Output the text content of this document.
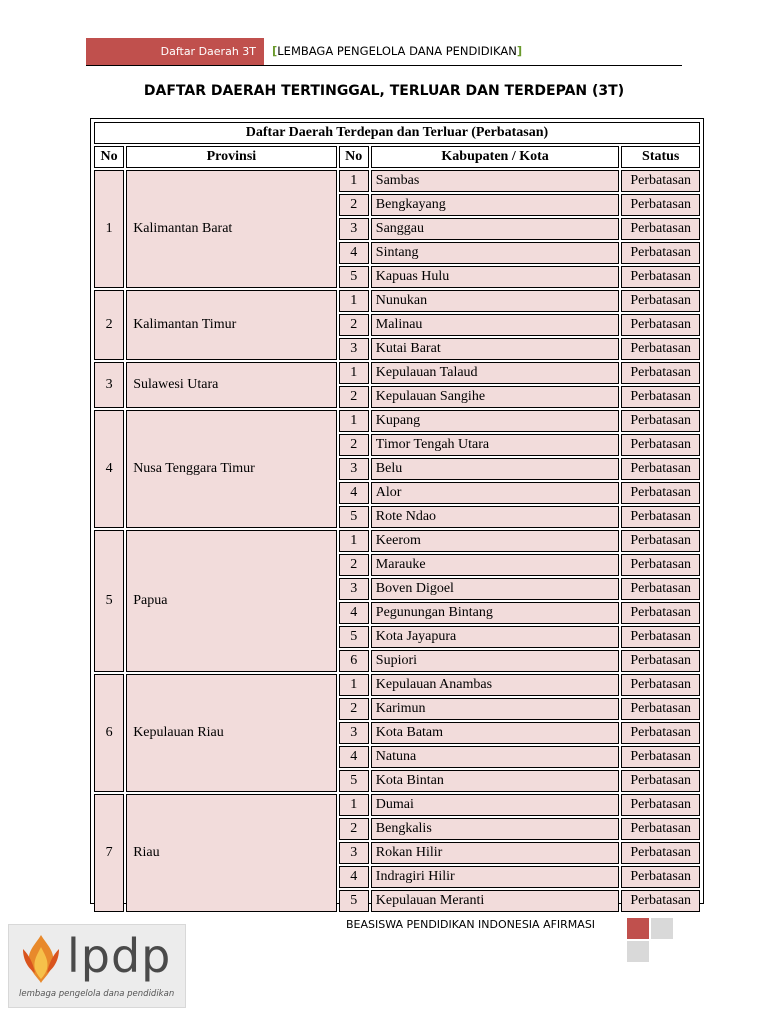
Daftar Daerah 3T [LEMBAGA PENGELOLA DANA PENDIDIKAN]
DAFTAR DAERAH TERTINGGAL, TERLUAR DAN TERDEPAN (3T)
Daftar Daerah Terdepan dan Terluar (Perbatasan)				
No	Provinsi	No	Kabupaten / Kota	Status
1	Kalimantan Barat	1	Sambas	Perbatasan
		2	Bengkayang	Perbatasan
		3	Sanggau	Perbatasan
		4	Sintang	Perbatasan
		5	Kapuas Hulu	Perbatasan
2	Kalimantan Timur	1	Nunukan	Perbatasan
		2	Malinau	Perbatasan
		3	Kutai Barat	Perbatasan
3	Sulawesi Utara	1	Kepulauan Talaud	Perbatasan
		2	Kepulauan Sangihe	Perbatasan
4	Nusa Tenggara Timur	1	Kupang	Perbatasan
		2	Timor Tengah Utara	Perbatasan
		3	Belu	Perbatasan
		4	Alor	Perbatasan
		5	Rote Ndao	Perbatasan
5	Papua	1	Keerom	Perbatasan
		2	Marauke	Perbatasan
		3	Boven Digoel	Perbatasan
		4	Pegunungan Bintang	Perbatasan
		5	Kota Jayapura	Perbatasan
		6	Supiori	Perbatasan
6	Kepulauan Riau	1	Kepulauan Anambas	Perbatasan
		2	Karimun	Perbatasan
		3	Kota Batam	Perbatasan
		4	Natuna	Perbatasan
		5	Kota Bintan	Perbatasan
7	Riau	1	Dumai	Perbatasan
		2	Bengkalis	Perbatasan
		3	Rokan Hilir	Perbatasan
		4	Indragiri Hilir	Perbatasan
		5	Kepulauan Meranti	Perbatasan
BEASISWA PENDIDIKAN INDONESIA AFIRMASI
lpdp
lembaga pengelola dana pendidikan
